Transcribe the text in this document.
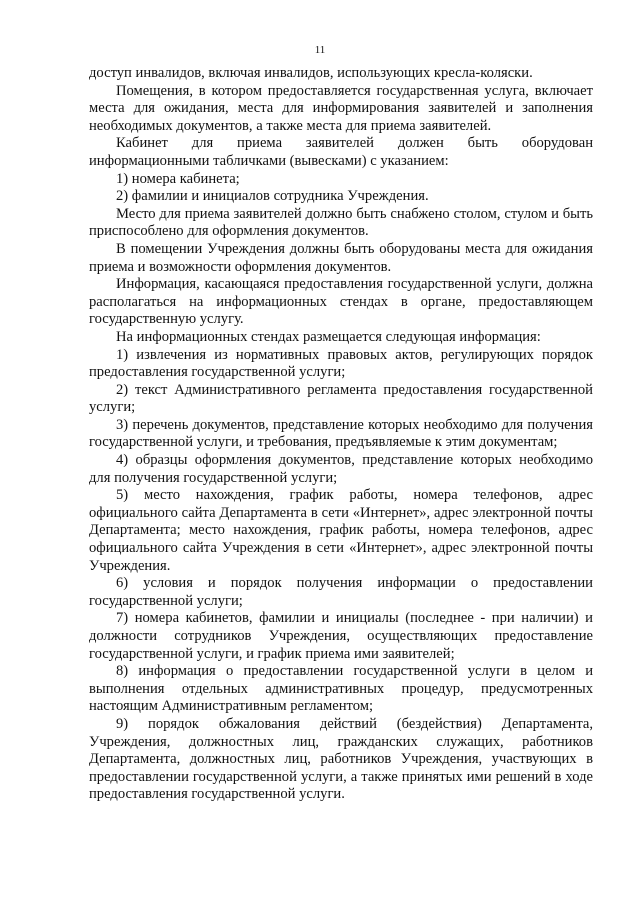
11

доступ инвалидов, включая инвалидов, использующих кресла-коляски.

Помещения, в котором предоставляется государственная услуга, включает места для ожидания, места для информирования заявителей и заполнения необходимых документов, а также места для приема заявителей.

Кабинет для приема заявителей должен быть оборудован информационными табличками (вывесками) с указанием:

1) номера кабинета;

2) фамилии и инициалов сотрудника Учреждения.

Место для приема заявителей должно быть снабжено столом, стулом и быть приспособлено для оформления документов.

В помещении Учреждения должны быть оборудованы места для ожидания приема и возможности оформления документов.

Информация, касающаяся предоставления государственной услуги, должна располагаться на информационных стендах в органе, предоставляющем государственную услугу.

На информационных стендах размещается следующая информация:

1) извлечения из нормативных правовых актов, регулирующих порядок предоставления государственной услуги;

2) текст Административного регламента предоставления государственной услуги;

3) перечень документов, представление которых необходимо для получения государственной услуги, и требования, предъявляемые к этим документам;

4) образцы оформления документов, представление которых необходимо для получения государственной услуги;

5) место нахождения, график работы, номера телефонов, адрес официального сайта Департамента в сети «Интернет», адрес электронной почты Департамента; место нахождения, график работы, номера телефонов, адрес официального сайта Учреждения в сети «Интернет», адрес электронной почты Учреждения.

6) условия и порядок получения информации о предоставлении государственной услуги;

7) номера кабинетов, фамилии и инициалы (последнее - при наличии) и должности сотрудников Учреждения, осуществляющих предоставление государственной услуги, и график приема ими заявителей;

8) информация о предоставлении государственной услуги в целом и выполнения отдельных административных процедур, предусмотренных настоящим Административным регламентом;

9) порядок обжалования действий (бездействия) Департамента, Учреждения, должностных лиц, гражданских служащих, работников Департамента, должностных лиц, работников Учреждения, участвующих в предоставлении государственной услуги, а также принятых ими решений в ходе предоставления государственной услуги.
